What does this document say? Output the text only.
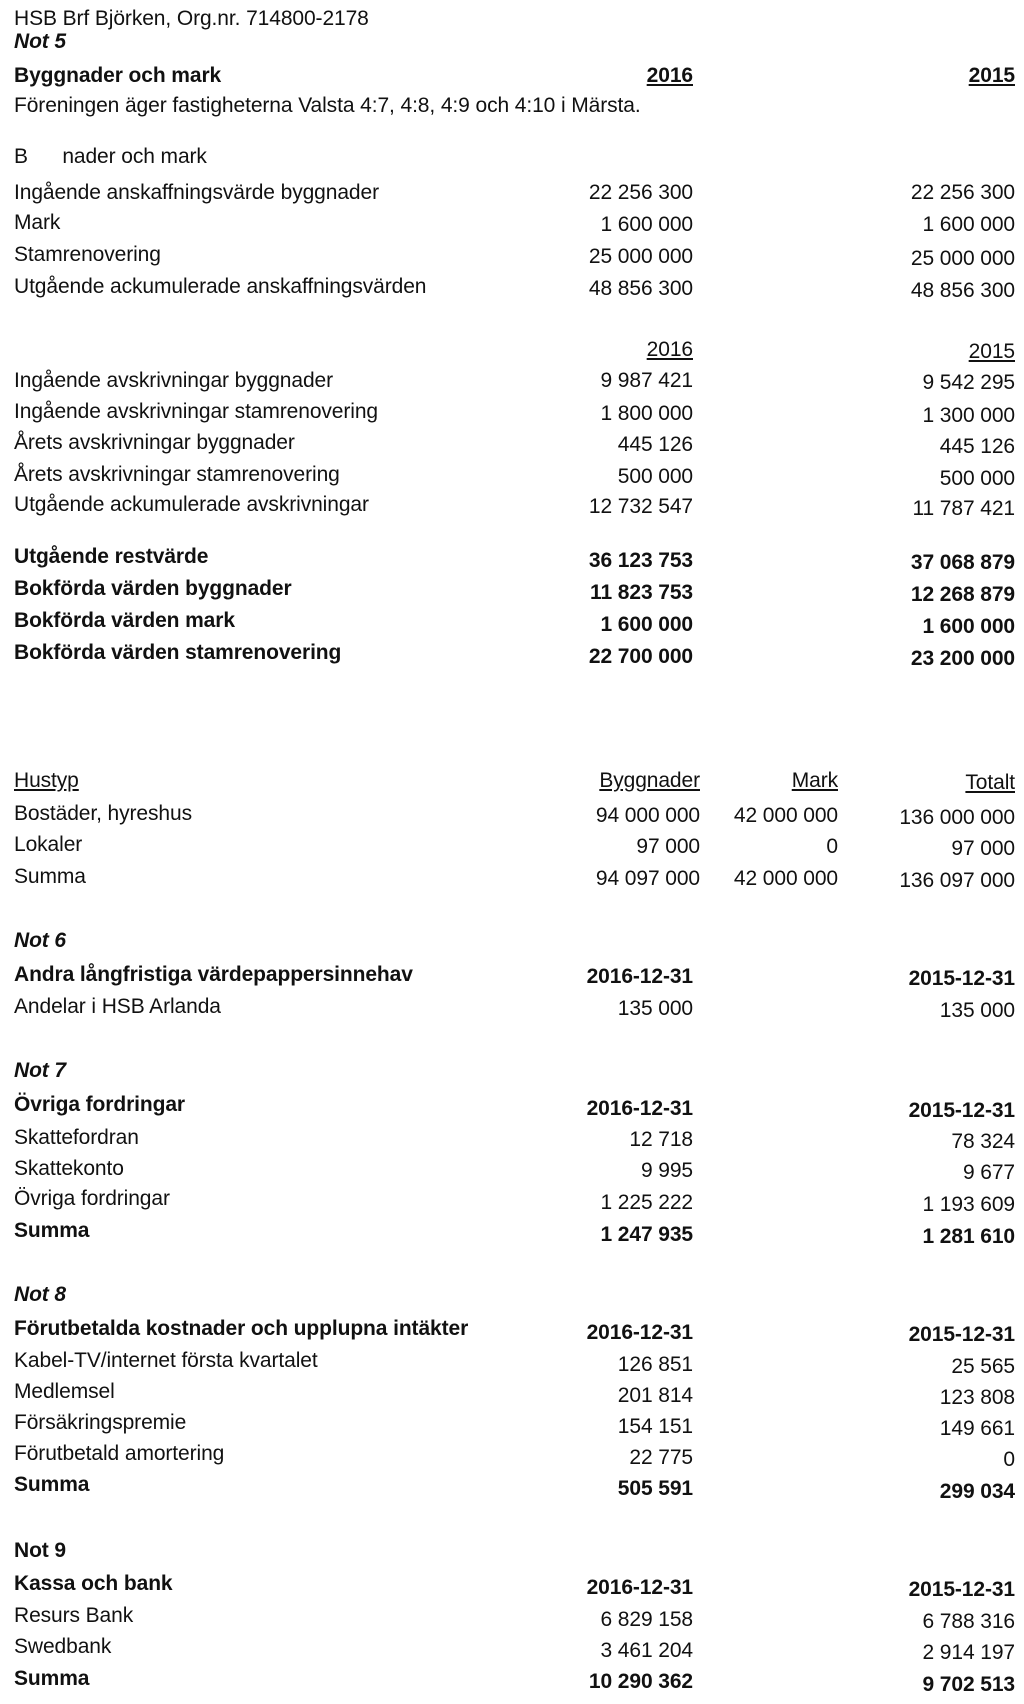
HSB Brf Björken, Org.nr. 714800-2178
Not 5
Byggnader och mark	2016	2015
Föreningen äger fastigheterna Valsta 4:7, 4:8, 4:9 och 4:10 i Märsta.
B      nader och mark
Ingående anskaffningsvärde byggnader	22 256 300	22 256 300
Mark	1 600 000	1 600 000
Stamrenovering	25 000 000	25 000 000
Utgående ackumulerade anskaffningsvärden	48 856 300	48 856 300
2016	2015
Ingående avskrivningar byggnader	9 987 421	9 542 295
Ingående avskrivningar stamrenovering	1 800 000	1 300 000
Årets avskrivningar byggnader	445 126	445 126
Årets avskrivningar stamrenovering	500 000	500 000
Utgående ackumulerade avskrivningar	12 732 547	11 787 421
Utgående restvärde	36 123 753	37 068 879
Bokförda värden byggnader	11 823 753	12 268 879
Bokförda värden mark	1 600 000	1 600 000
Bokförda värden stamrenovering	22 700 000	23 200 000
Hustyp	Byggnader	Mark	Totalt
Bostäder, hyreshus	94 000 000	42 000 000	136 000 000
Lokaler	97 000	0	97 000
Summa	94 097 000	42 000 000	136 097 000
Not 6
Andra långfristiga värdepappersinnehav	2016-12-31	2015-12-31
Andelar i HSB Arlanda	135 000	135 000
Not 7
Övriga fordringar	2016-12-31	2015-12-31
Skattefordran	12 718	78 324
Skattekonto	9 995	9 677
Övriga fordringar	1 225 222	1 193 609
Summa	1 247 935	1 281 610
Not 8
Förutbetalda kostnader och upplupna intäkter	2016-12-31	2015-12-31
Kabel-TV/internet första kvartalet	126 851	25 565
Medlemsel	201 814	123 808
Försäkringspremie	154 151	149 661
Förutbetald amortering	22 775	0
Summa	505 591	299 034
Not 9
Kassa och bank	2016-12-31	2015-12-31
Resurs Bank	6 829 158	6 788 316
Swedbank	3 461 204	2 914 197
Summa	10 290 362	9 702 513
